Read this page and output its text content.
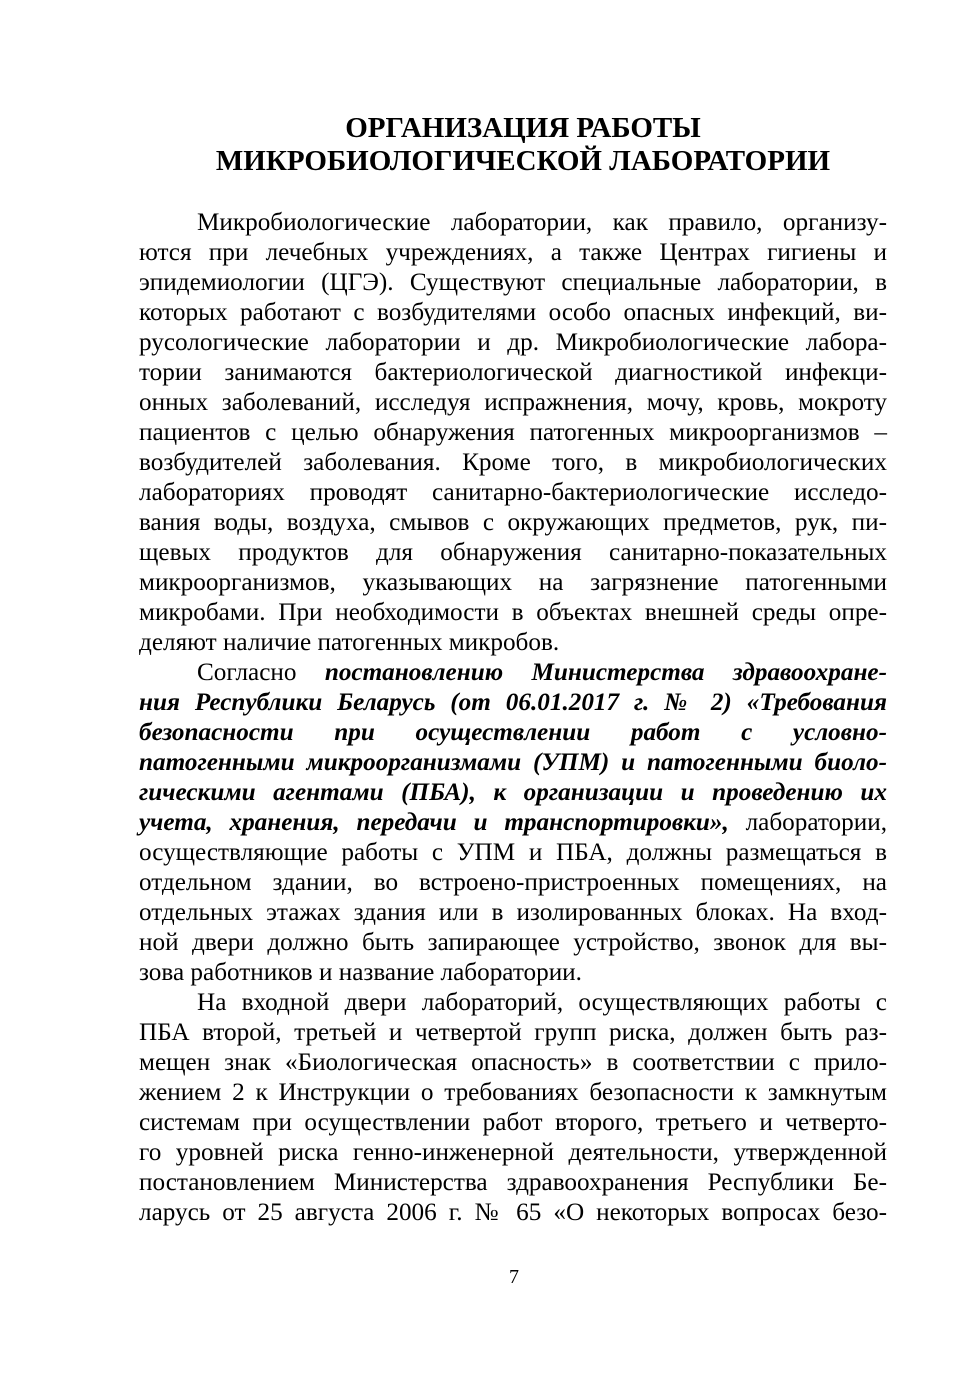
ОРГАНИЗАЦИЯ РАБОТЫ
МИКРОБИОЛОГИЧЕСКОЙ ЛАБОРАТОРИИ
Микробиологические лаборатории, как правило, организу-
ются при лечебных учреждениях, а также Центрах гигиены и
эпидемиологии (ЦГЭ). Существуют специальные лаборатории, в
которых работают с возбудителями особо опасных инфекций, ви-
русологические лаборатории и др. Микробиологические лабора-
тории занимаются бактериологической диагностикой инфекци-
онных заболеваний, исследуя испражнения, мочу, кровь, мокроту
пациентов с целью обнаружения патогенных микроорганизмов –
возбудителей заболевания. Кроме того, в микробиологических
лабораториях проводят санитарно-бактериологические исследо-
вания воды, воздуха, смывов с окружающих предметов, рук, пи-
щевых продуктов для обнаружения санитарно-показательных
микроорганизмов, указывающих на загрязнение патогенными
микробами. При необходимости в объектах внешней среды опре-
деляют наличие патогенных микробов.
Согласно постановлению Министерства здравоохране-
ния Республики Беларусь (от 06.01.2017 г. № 2) «Требования
безопасности при осуществлении работ с условно-
патогенными микроорганизмами (УПМ) и патогенными биоло-
гическими агентами (ПБА), к организации и проведению их
учета, хранения, передачи и транспортировки», лаборатории,
осуществляющие работы с УПМ и ПБА, должны размещаться в
отдельном здании, во встроено-пристроенных помещениях, на
отдельных этажах здания или в изолированных блоках. На вход-
ной двери должно быть запирающее устройство, звонок для вы-
зова работников и название лаборатории.
На входной двери лабораторий, осуществляющих работы с
ПБА второй, третьей и четвертой групп риска, должен быть раз-
мещен знак «Биологическая опасность» в соответствии с прило-
жением 2 к Инструкции о требованиях безопасности к замкнутым
системам при осуществлении работ второго, третьего и четверто-
го уровней риска генно-инженерной деятельности, утвержденной
постановлением Министерства здравоохранения Республики Бе-
ларусь от 25 августа 2006 г. № 65 «О некоторых вопросах безо-
7
